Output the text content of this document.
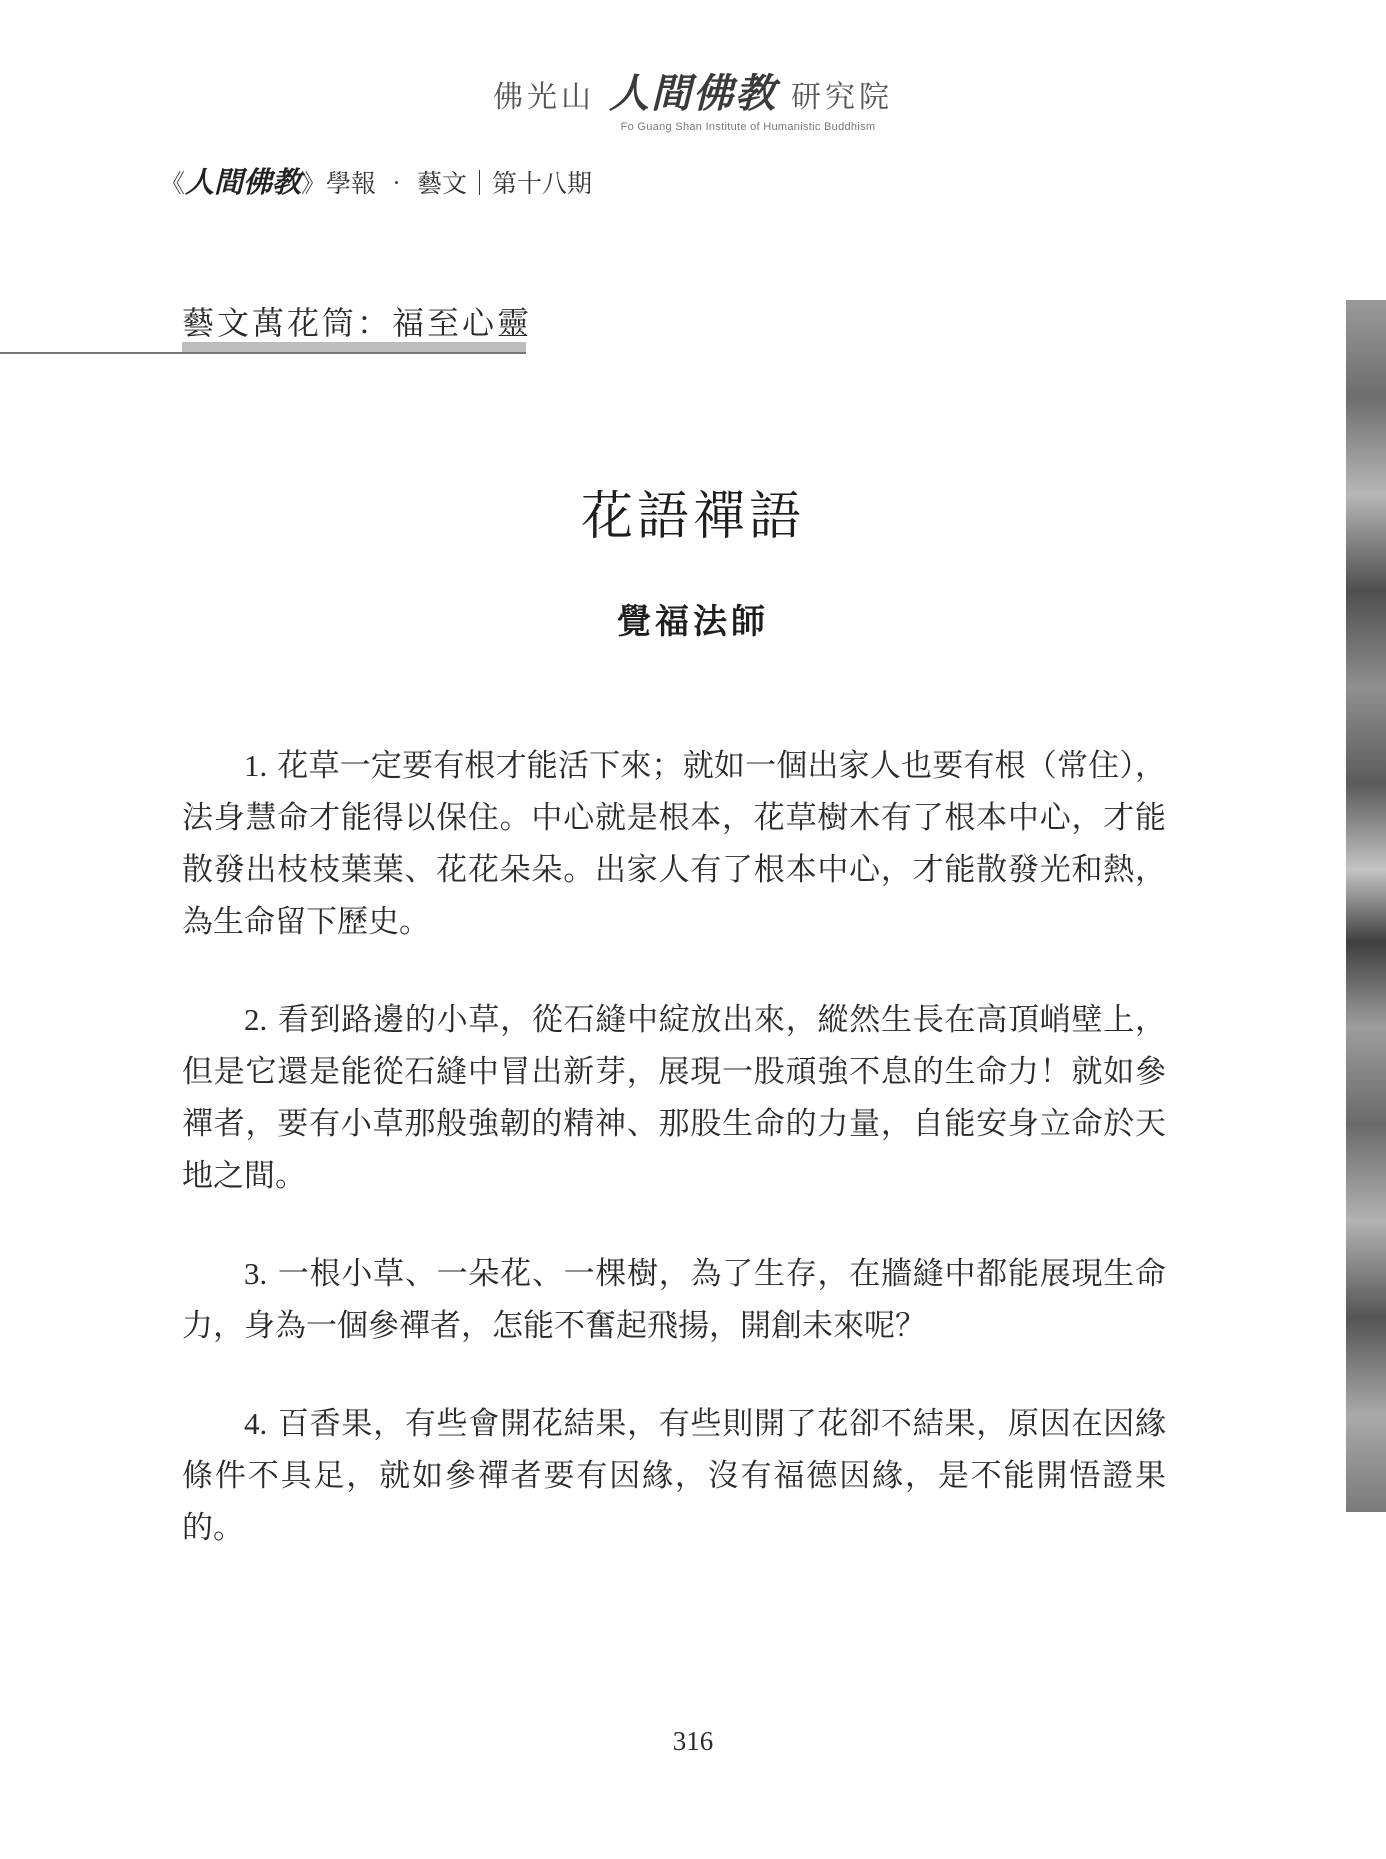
佛光山 人間佛教 研究院
Fo Guang Shan Institute of Humanistic Buddhism
《人間佛教》學報 ‧ 藝文｜第十八期
藝文萬花筒：福至心靈
花語禪語
覺福法師

1. 花草一定要有根才能活下來；就如一個出家人也要有根（常住），法身慧命才能得以保住。中心就是根本，花草樹木有了根本中心，才能散發出枝枝葉葉、花花朵朵。出家人有了根本中心，才能散發光和熱，為生命留下歷史。

2. 看到路邊的小草，從石縫中綻放出來，縱然生長在高頂峭壁上，但是它還是能從石縫中冒出新芽，展現一股頑強不息的生命力！就如參禪者，要有小草那般強韌的精神、那股生命的力量，自能安身立命於天地之間。

3. 一根小草、一朵花、一棵樹，為了生存，在牆縫中都能展現生命力，身為一個參禪者，怎能不奮起飛揚，開創未來呢？

4. 百香果，有些會開花結果，有些則開了花卻不結果，原因在因緣條件不具足，就如參禪者要有因緣，沒有福德因緣，是不能開悟證果的。

316
